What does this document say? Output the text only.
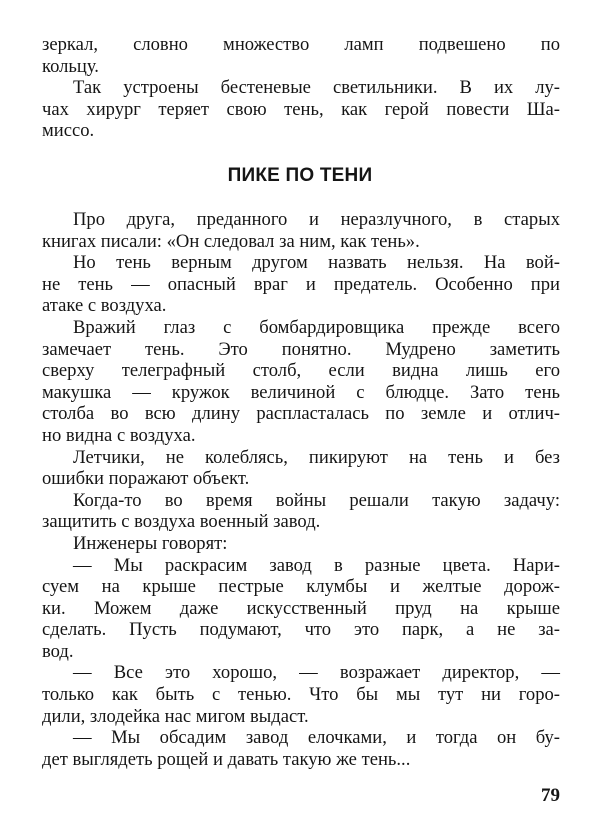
зеркал, словно множество ламп подвешено по
кольцу.
Так устроены бестеневые светильники. В их лу-
чах хирург теряет свою тень, как герой повести Ша-
миссо.
ПИКЕ ПО ТЕНИ
Про друга, преданного и неразлучного, в старых
книгах писали: «Он следовал за ним, как тень».
Но тень верным другом назвать нельзя. На вой-
не тень — опасный враг и предатель. Особенно при
атаке с воздуха.
Вражий глаз с бомбардировщика прежде всего
замечает тень. Это понятно. Мудрено заметить
сверху телеграфный столб, если видна лишь его
макушка — кружок величиной с блюдце. Зато тень
столба во всю длину распласталась по земле и отлич-
но видна с воздуха.
Летчики, не колеблясь, пикируют на тень и без
ошибки поражают объект.
Когда-то во время войны решали такую задачу:
защитить с воздуха военный завод.
Инженеры говорят:
— Мы раскрасим завод в разные цвета. Нари-
суем на крыше пестрые клумбы и желтые дорож-
ки. Можем даже искусственный пруд на крыше
сделать. Пусть подумают, что это парк, а не за-
вод.
— Все это хорошо, — возражает директор, —
только как быть с тенью. Что бы мы тут ни горо-
дили, злодейка нас мигом выдаст.
— Мы обсадим завод елочками, и тогда он бу-
дет выглядеть рощей и давать такую же тень...
79
